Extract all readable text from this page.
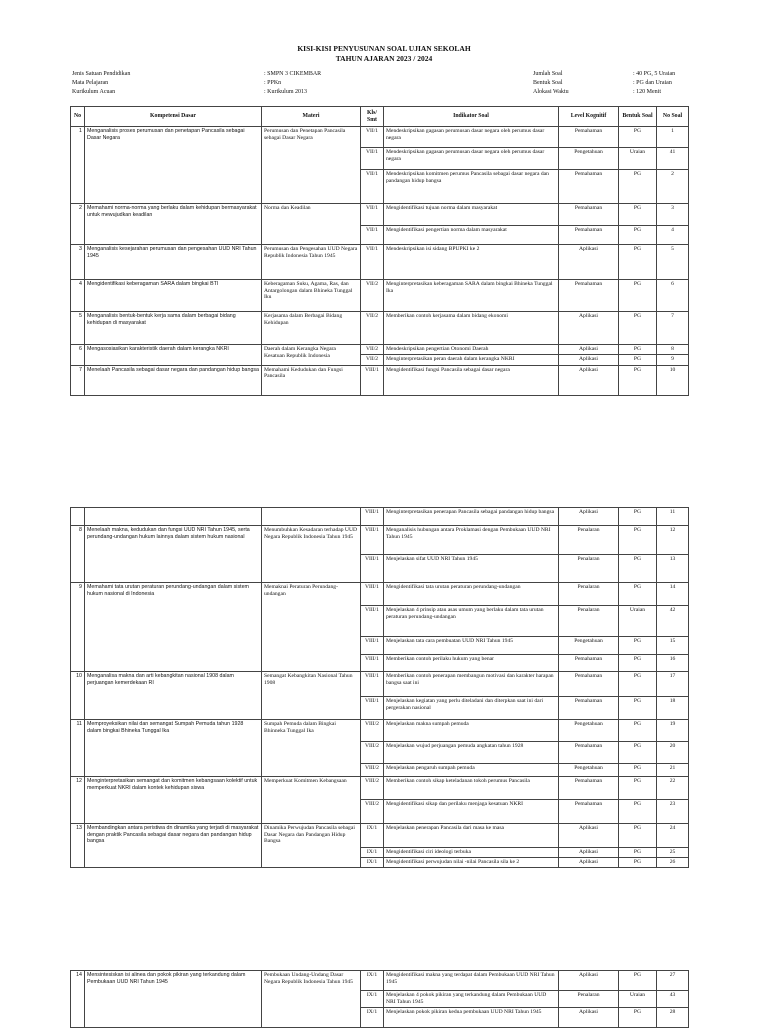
KISI-KISI PENYUSUNAN SOAL UJIAN SEKOLAH
TAHUN AJARAN 2023 / 2024
Jenis Satuan Pendidikan	: SMPN 3 CIKEMBAR
Mata Pelajaran	: PPKn
Kurikulum Acuan	: Kurikulum 2013
Jumlah Soal	: 40 PG, 5 Uraian
Bentuk Soal	: PG dan Uraian
Alokasi Waktu	: 120 Menit
No	Kompetensi Dasar	Materi	Kls/ Smt	Indikator Soal	Level Kognitif	Bentuk Soal	No Soal
1	Menganalisis proses perumusan dan penetapan Pancasila sebagai Dasar Negara	Perumusan dan Penetapan Pancasila sebagai Dasar Negara	VII/1	Mendeskripsikan gagasan perumusan dasar negara oleh perumus dasar negara	Pemahaman	PG	1
			VII/1	Mendeskripsikan gagasan perumusan dasar negara oleh perumus dasar negara	Pengetahuan	Uraian	41
			VII/1	Mendeskripsikan komitmen perumus Pancasila sebagai dasar negara dan pandangan hidup bangsa	Pemahaman	PG	2
2	Memahami norma-norma yang berlaku dalam kehidupan bermasyarakat untuk mewujudkan keadilan	Norma dan Keadilan	VII/1	Mengidentifikasi tujuan norma dalam masyarakat	Pemahaman	PG	3
			VII/1	Mengidentifikasi pengertian norma dalam masyarakat	Pemahaman	PG	4
3	Menganalisis kesejarahan perumusan dan pengesahan UUD NRI Tahun 1945	Perumusan dan Pengesahan UUD Negara Republik Indonesia Tahun 1945	VII/1	Mendeskripsikan isi sidang BPUPKI ke 2	Aplikasi	PG	5
4	Mengidentifikasi keberagaman SARA dalam bingkai BTI	Keberagaman Suku, Agama, Ras, dan Antargolongan dalam Bhineka Tunggal Iku	VII/2	Menginterpretasikan keberagaman SARA dalam bingkai Bhineka Tunggal Ika	Pemahaman	PG	6
5	Menganalisis bentuk-bentuk kerja sama dalam berbagai bidang kehidupan di masyarakat	Kerjasama dalam Berbagai Bidang Kehidupan	VII/2	Memberikan contoh kerjasama dalam bidang ekonomi	Aplikasi	PG	7
6	Mengasosiasikan karakteristik daerah dalam kerangka NKRI	Daerah dalam Kerangka Negara Kesatuan Republik Indonesia	VII/2	Mendeskripsikan pengertian Otonomi Daerah	Aplikasi	PG	8
			VII/2	Menginterpretasikan peran daerah dalam kerangka NKRI	Aplikasi	PG	9
7	Menelaah Pancasila sebagai dasar negara dan pandangan hidup bangsa	Memahami Kedudukan dan Fungsi Pancasila	VIII/1	Mengidentifikasi fungsi Pancasila sebagai dasar negara	Aplikasi	PG	10
			VIII/1	Menginterpretasikan penerapan Pancasila sebagai pandangan hidup bangsa	Aplikasi	PG	11
8	Menelaah makna, kedudukan dan fungsi UUD NRI Tahun 1945, serta perundang-undangan hukum lainnya dalam sistem hukum nasional	Menumbuhkan Kesadaran terhadap UUD Negara Republik Indonesia Tahun 1945	VIII/1	Menganalisis hubungan antara Proklamasi dengan Pembukaan UUD NRI Tahun 1945	Penalaran	PG	12
			VIII/1	Menjelaskan sifat UUD NRI Tahun 1945	Penalaran	PG	13
9	Memahami tata urutan peraturan perundang-undangan dalam sistem hukum nasional di Indonesia	Memaknai Peraturan Perundang-undangan	VIII/1	Mengidentifikasi tata urutan peraturan perundang-undangan	Penalaran	PG	14
			VIII/1	Menjelaskan 4 prinsip atau asas umum yang berlaku dalam tata urutan peraturan perundang-undangan	Penalaran	Uraian	42
			VIII/1	Menjelaskan tata cara pembuatan UUD NRI Tahun 1945	Pengetahuan	PG	15
			VIII/1	Memberikan contoh perilaku hukum yang benar	Pemahaman	PG	16
10	Menganalisa makna dan arti kebangkitan nasional 1908 dalam perjuangan kemerdekaan RI	Semangat Kebangkitan Nasional Tahun 1908	VIII/1	Memberikan contoh penerapan membangun motivasi dan karakter harapan bangsa saat ini	Pemahaman	PG	17
			VIII/1	Menjelaskan kegiatan yang perlu diteladani dan diterpkan saat ini dari pergerakan nasional	Pemahaman	PG	18
11	Memproyeksikan nilai dan semangat Sumpah Pemuda tahun 1928 dalam bingkai Bhineka Tunggal Ika	Sumpah Pemuda dalam Bingkai Bhinneka Tunggal Ika	VIII/2	Menjelaskan makna sumpah pemuda	Pengetahuan	PG	19
			VIII/2	Menjelaskan wujud perjuangan pemuda angkatan tahun 1928	Pemahaman	PG	20
			VIII/2	Menjelaskan pengaruh sumpah pemuda	Pengetahuan	PG	21
12	Menginterpretasikan semangat dan komitmen kebangsaan kolektif untuk memperkuat NKRI dalam kontek kehidupan siswa	Memperkuat Komitmen Kebangsaan	VIII/2	Memberikan contoh sikap keteladanan tokoh perumus Pancasila	Pemahaman	PG	22
			VIII/2	Mengidentifikasi sikap dan perilaku menjaga kesatuan NKRI	Pemahaman	PG	23
13	Membandingkan antara peristiwa dn dinamika yang terjadi di masyarakat dengan praktik Pancasila sebagai dasar negara dan pandangan hidup bangsa	Dinamika Perwujudan Pancasila sebagai Dasar Negara dan Pandangan Hidup Bangsa	IX/1	Menjelaskan penerapan Pancasila dari masa ke masa	Aplikasi	PG	24
			IX/1	Mengidentifikasi ciri ideologi terbuka	Aplikasi	PG	25
			IX/1	Mengidentifikasi perwujudan nilai -nilai Pancasila sila ke 2	Aplikasi	PG	26
14	Mensintesiskan isi alinea dan pokok pikiran yang terkandung dalam Pembukaan UUD NRI Tahun 1945	Pembukaan Undang-Undang Dasar Negara Republik Indonesia Tahun 1945	IX/1	Mengidentifikasi makna yang terdapat dalam Pembukaan UUD NRI Tahun 1945	Aplikasi	PG	27
			IX/1	Menjelaskan 4 pokok pikiran yang terkandung dalam Pembukaan UUD NRI Tahun 1945	Penalaran	Uraian	43
			IX/1	Menjelaskan pokok pikiran kedua pembukaan UUD NRI Tahun 1945	Aplikasi	PG	28
